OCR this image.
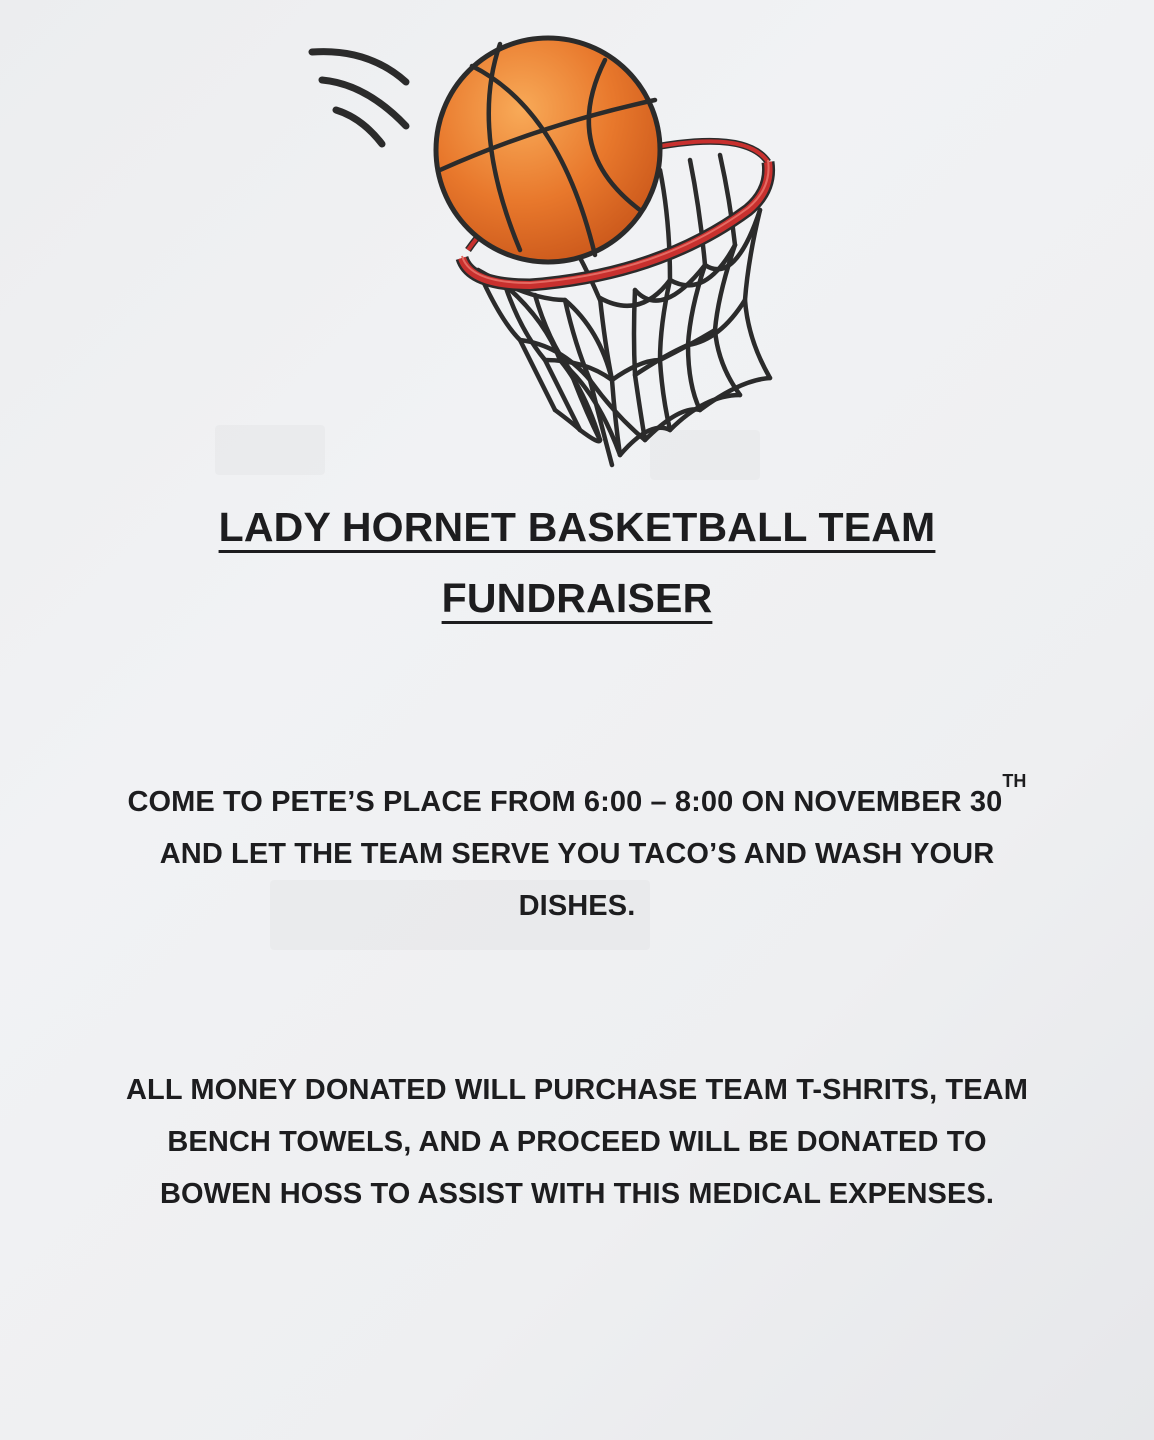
LADY HORNET BASKETBALL TEAM
FUNDRAISER
COME TO PETE’S PLACE FROM 6:00 – 8:00 ON NOVEMBER 30TH
AND LET THE TEAM SERVE YOU TACO’S AND WASH YOUR
DISHES.
ALL MONEY DONATED WILL PURCHASE TEAM T-SHRITS, TEAM
BENCH TOWELS, AND A PROCEED WILL BE DONATED TO
BOWEN HOSS TO ASSIST WITH THIS MEDICAL EXPENSES.
